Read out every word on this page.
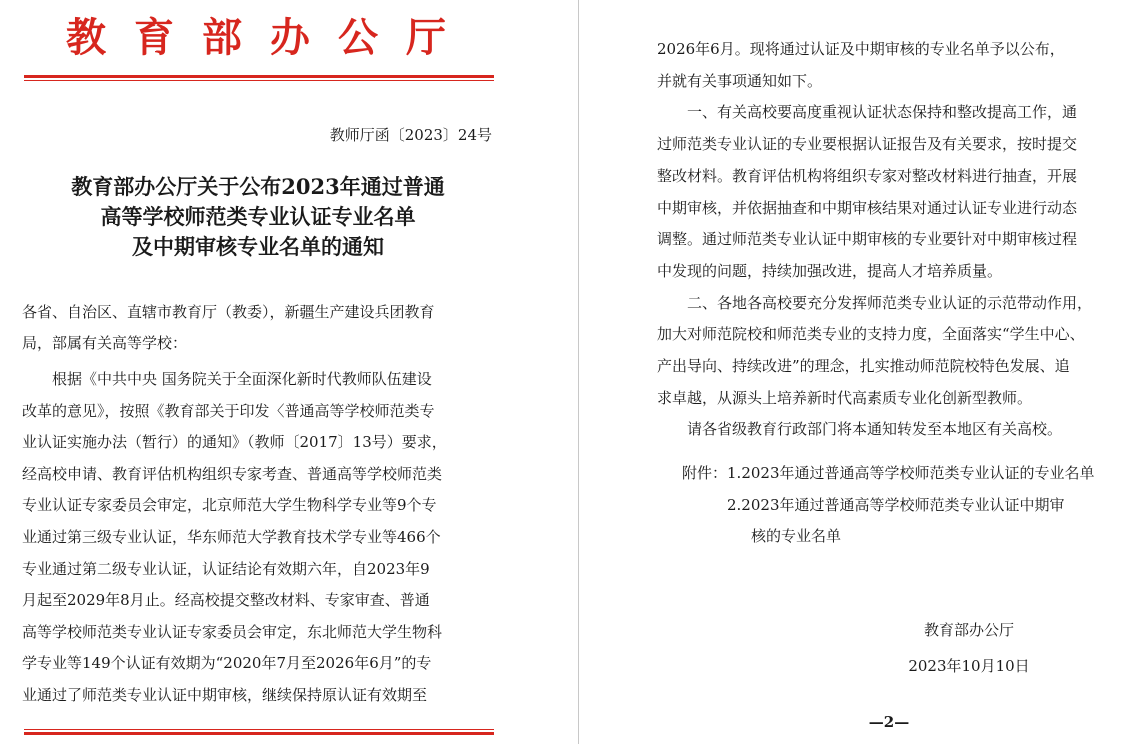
教育部办公厅
教师厅函〔2023〕24号
教育部办公厅关于公布2023年通过普通
高等学校师范类专业认证专业名单
及中期审核专业名单的通知
各省、自治区、直辖市教育厅（教委），新疆生产建设兵团教育
局，部属有关高等学校：
　　根据《中共中央 国务院关于全面深化新时代教师队伍建设
改革的意见》，按照《教育部关于印发〈普通高等学校师范类专
业认证实施办法（暂行）的通知》（教师〔2017〕13号）要求，
经高校申请、教育评估机构组织专家考查、普通高等学校师范类
专业认证专家委员会审定，北京师范大学生物科学专业等9个专
业通过第三级专业认证，华东师范大学教育技术学专业等466个
专业通过第二级专业认证，认证结论有效期六年，自2023年9
月起至2029年8月止。经高校提交整改材料、专家审查、普通
高等学校师范类专业认证专家委员会审定，东北师范大学生物科
学专业等149个认证有效期为“2020年7月至2026年6月”的专
业通过了师范类专业认证中期审核，继续保持原认证有效期至
2026年6月。现将通过认证及中期审核的专业名单予以公布，
并就有关事项通知如下。
　　一、有关高校要高度重视认证状态保持和整改提高工作，通
过师范类专业认证的专业要根据认证报告及有关要求，按时提交
整改材料。教育评估机构将组织专家对整改材料进行抽查，开展
中期审核，并依据抽查和中期审核结果对通过认证专业进行动态
调整。通过师范类专业认证中期审核的专业要针对中期审核过程
中发现的问题，持续加强改进，提高人才培养质量。
　　二、各地各高校要充分发挥师范类专业认证的示范带动作用，
加大对师范院校和师范类专业的支持力度，全面落实“学生中心、
产出导向、持续改进”的理念，扎实推动师范院校特色发展、追
求卓越，从源头上培养新时代高素质专业化创新型教师。
　　请各省级教育行政部门将本通知转发至本地区有关高校。
附件：1.2023年通过普通高等学校师范类专业认证的专业名单
2.2023年通过普通高等学校师范类专业认证中期审
核的专业名单
教育部办公厅
2023年10月10日
—2—
